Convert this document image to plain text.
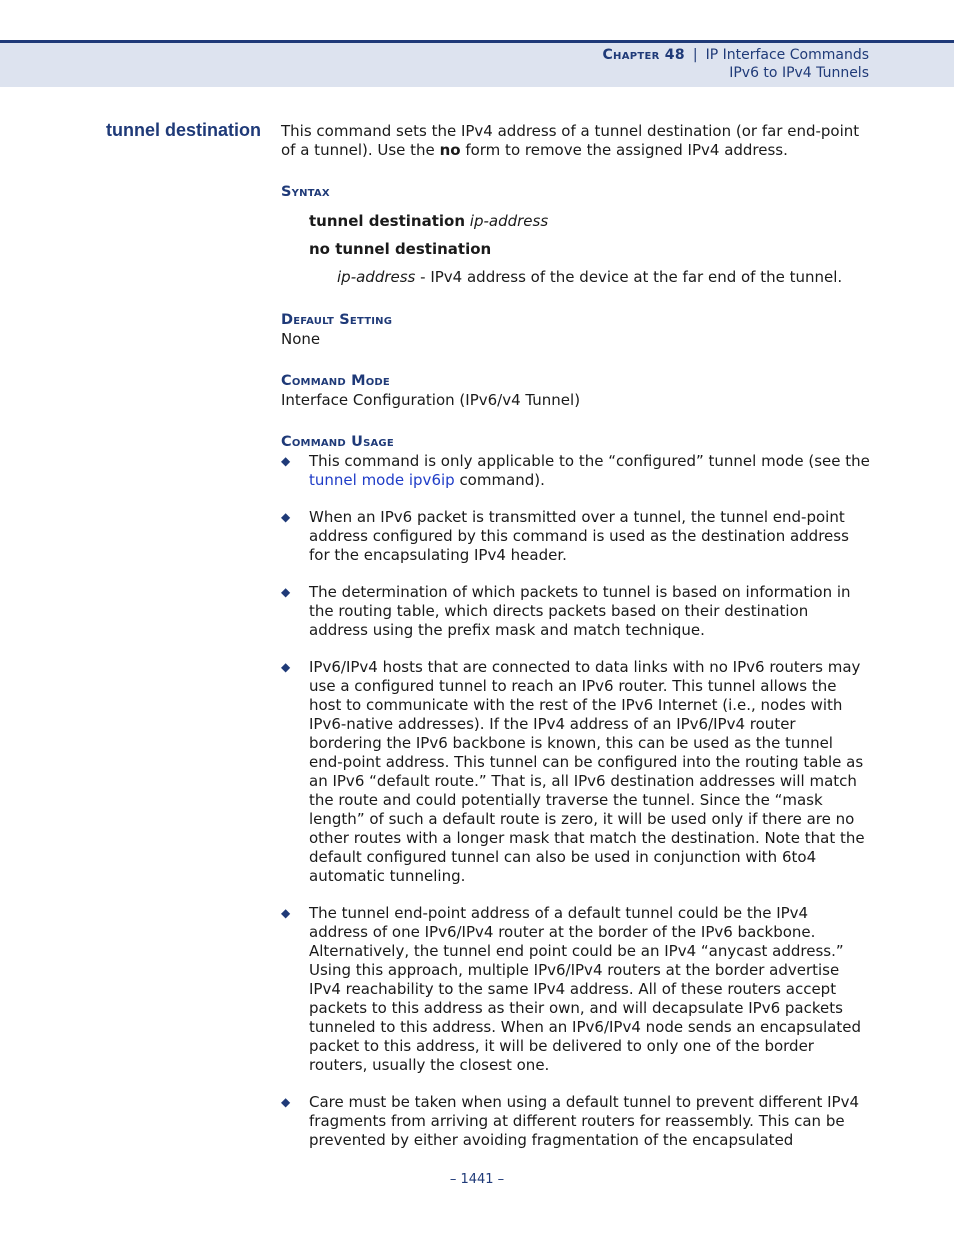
Chapter 48 | IP Interface Commands
IPv6 to IPv4 Tunnels
tunnel destination This command sets the IPv4 address of a tunnel destination (or far end-point of a tunnel). Use the no form to remove the assigned IPv4 address.

Syntax

tunnel destination ip-address

no tunnel destination

ip-address - IPv4 address of the device at the far end of the tunnel.

Default Setting

None

Command Mode

Interface Configuration (IPv6/v4 Tunnel)

Command Usage

◆ This command is only applicable to the “configured” tunnel mode (see the tunnel mode ipv6ip command).
◆ When an IPv6 packet is transmitted over a tunnel, the tunnel end-point address configured by this command is used as the destination address for the encapsulating IPv4 header.
◆ The determination of which packets to tunnel is based on information in the routing table, which directs packets based on their destination address using the prefix mask and match technique.
◆ IPv6/IPv4 hosts that are connected to data links with no IPv6 routers may use a configured tunnel to reach an IPv6 router. This tunnel allows the host to communicate with the rest of the IPv6 Internet (i.e., nodes with IPv6-native addresses). If the IPv4 address of an IPv6/IPv4 router bordering the IPv6 backbone is known, this can be used as the tunnel end-point address. This tunnel can be configured into the routing table as an IPv6 “default route.” That is, all IPv6 destination addresses will match the route and could potentially traverse the tunnel. Since the “mask length” of such a default route is zero, it will be used only if there are no other routes with a longer mask that match the destination. Note that the default configured tunnel can also be used in conjunction with 6to4 automatic tunneling.
◆ The tunnel end-point address of a default tunnel could be the IPv4 address of one IPv6/IPv4 router at the border of the IPv6 backbone. Alternatively, the tunnel end point could be an IPv4 “anycast address.” Using this approach, multiple IPv6/IPv4 routers at the border advertise IPv4 reachability to the same IPv4 address. All of these routers accept packets to this address as their own, and will decapsulate IPv6 packets tunneled to this address. When an IPv6/IPv4 node sends an encapsulated packet to this address, it will be delivered to only one of the border routers, usually the closest one.
◆ Care must be taken when using a default tunnel to prevent different IPv4 fragments from arriving at different routers for reassembly. This can be prevented by either avoiding fragmentation of the encapsulated
– 1441 –
